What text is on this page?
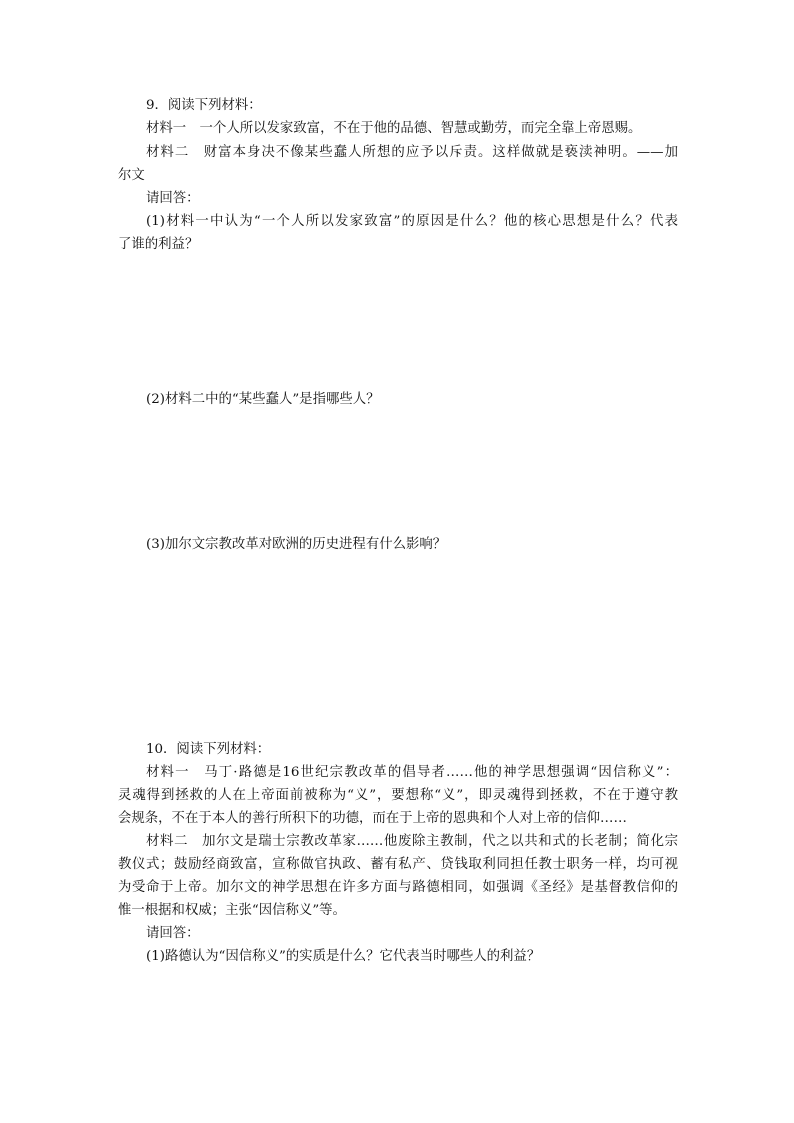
9．阅读下列材料：
材料一　一个人所以发家致富，不在于他的品德、智慧或勤劳，而完全靠上帝恩赐。
材料二　财富本身决不像某些蠢人所想的应予以斥责。这样做就是亵渎神明。——加
尔文
请回答：
(1)材料一中认为“一个人所以发家致富”的原因是什么？他的核心思想是什么？代表
了谁的利益？
(2)材料二中的“某些蠢人”是指哪些人？
(3)加尔文宗教改革对欧洲的历史进程有什么影响？
10．阅读下列材料：
材料一　马丁·路德是16世纪宗教改革的倡导者……他的神学思想强调“因信称义”：
灵魂得到拯救的人在上帝面前被称为“义”，要想称“义”，即灵魂得到拯救，不在于遵守教
会规条，不在于本人的善行所积下的功德，而在于上帝的恩典和个人对上帝的信仰……
材料二　加尔文是瑞士宗教改革家……他废除主教制，代之以共和式的长老制；简化宗
教仪式；鼓励经商致富，宣称做官执政、蓄有私产、贷钱取利同担任教士职务一样，均可视
为受命于上帝。加尔文的神学思想在许多方面与路德相同，如强调《圣经》是基督教信仰的
惟一根据和权威；主张“因信称义”等。
请回答：
(1)路德认为“因信称义”的实质是什么？它代表当时哪些人的利益？
